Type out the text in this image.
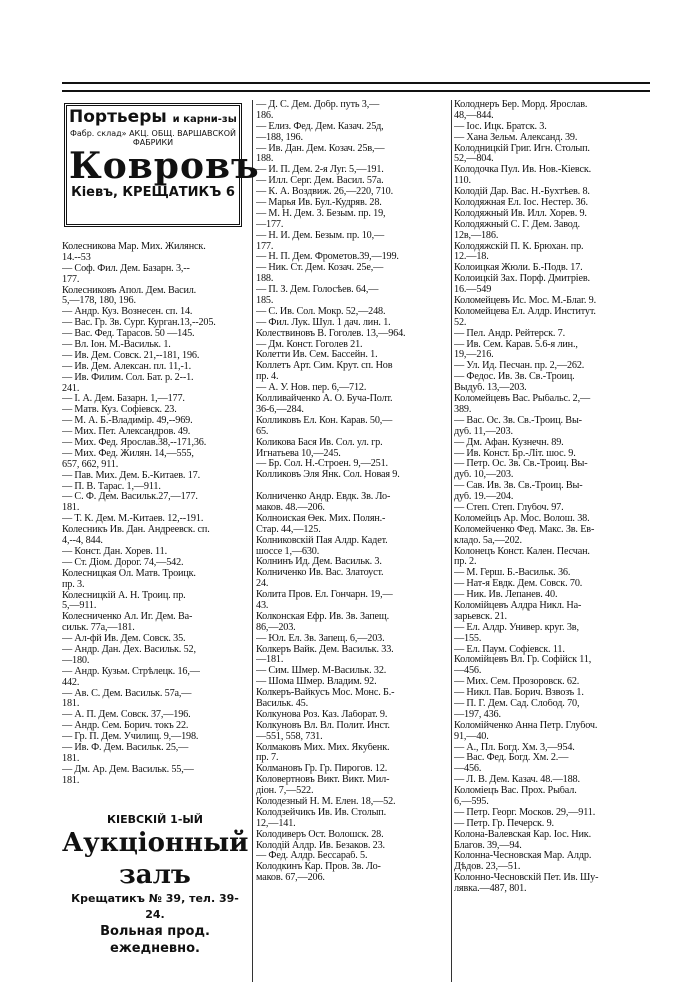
Портьеры и карни-зы
Фабр. склад» АКЦ. ОБЩ. ВАРШАВСКОЙ ФАБРИКИ
Ковровъ
Кіевъ, КРЕЩАТИКЪ 6
Колесникова Мар. Мих. Жилянск.
14.--53
— Соф. Фил. Дем. Базарн. 3,--
177.
Колесниковъ Апол. Дем. Васил.
5,—178, 180, 196.
— Андр. Куз. Вознесен. сп. 14.
— Вас. Гр. Зв. Сург. Курган.13,--205.
— Вас. Фед. Тарасов. 50 —145.
— Вл. Іон. М.-Васильк. 1.
— Ив. Дем. Совск. 21,--181, 196.
— Ив. Дем. Алексан. пл. 11,-1.
— Ив. Филим. Сол. Бат. р. 2--1.
241.
— І. А. Дем. Базарн. 1,—177.
— Матв. Куз. Софіевск. 23.
— М. А. Б.-Владимір. 49,--969.
— Мих. Пет. Александров. 49.
— Мих. Фед. Ярослав.38,--171,36.
— Мих. Фед. Жилян. 14,—555,
657, 662, 911.
— Пав. Мих. Дем. Б.-Китаев. 17.
— П. В. Тарас. 1,—911.
— С. Ф. Дем. Васильк.27,—177.
181.
— Т. К. Дем. М.-Китаев. 12,--191.
Колесникъ Ив. Дан. Андреевск. сп.
4,--4, 844.
— Конст. Дан. Хорев. 11.
— Ст. Діом. Дорог. 74,—542.
Колесницкая Ол. Матв. Троицк.
пр. 3.
Колесницкій А. Н. Троиц. пр.
5,—911.
Колесниченко Ал. Иг. Дем. Ва-
сильк. 77а,—181.
— Ал-фй Ив. Дем. Совск. 35.
— Андр. Дан. Дех. Васильк. 52,
—180.
— Андр. Кузьм. Стрѣлецк. 16,—
442.
— Ав. С. Дем. Васильк. 57а,—
181.
— А. П. Дем. Совск. 37,—196.
— Андр. Сем. Борич. токъ 22.
— Гр. П. Дем. Училищ. 9,—198.
— Ив. Ф. Дем. Васильк. 25,—
181.
— Дм. Ар. Дем. Васильк. 55,—
181.
— Д. С. Дем. Добр. путь 3,—
186.
— Елиз. Фед. Дем. Казач. 25д,
—188, 196.
— Ив. Дан. Дем. Козач. 25в,—
188.
— И. П. Дем. 2-я Луг. 5,—191.
— Илл. Серг. Дем. Васил. 57а.
— К. А. Воздвиж. 26,—220, 710.
— Марья Ив. Бул.-Кудряв. 28.
— М. Н. Дем. 3. Безым. пр. 19,
—177.
— Н. И. Дем. Безым. пр. 10,—
177.
— Н. П. Дем. Фрометов.39,—199.
— Ник. Ст. Дем. Козач. 25е,—
188.
— П. З. Дем. Голосѣев. 64,—
185.
— С. Ив. Сол. Мокр. 52,—248.
— Фил. Лук. Шул. 1 дач. лин. 1.
Колествиновъ В. Гоголев. 13,—964.
— Дм. Конст. Гоголев 21.
Колетти Ив. Сем. Бассейн. 1.
Коллетъ Арт. Сим. Крут. сп. Нов
пр. 4.
— А. У. Нов. пер. 6,—712.
Колливайченко А. О. Буча-Полт.
36-6,—284.
Колликовъ Ел. Кон. Карав. 50,—
65.
Коликова Бася Ив. Сол. ул. гр.
Игнатьева 10,—245.
— Бр. Сол. Н.-Строен. 9,—251.
Колликовъ Эля Янк. Сол. Новая 9.
Колниченко Андр. Евдк. Зв. Ло-
маков. 48.—206.
Колноиская Өек. Мих. Полян.-
Стар. 44,—125.
Колниковскій Пая Алдр. Кадет.
шоссе 1,—630.
Колнинъ Ид. Дем. Васильк. 3.
Колниченко Ив. Вас. Златоуст.
24.
Колита Пров. Ел. Гончарн. 19,—
43.
Колконская Ефр. Ив. Зв. Запещ.
86,—203.
— Юл. Ел. Зв. Запещ. 6,—203.
Колкеръ Вайк. Дем. Васильк. 33.
—181.
— Сим. Шмер. М-Васильк. 32.
— Шома Шмер. Владим. 92.
Колкеръ-Вайкусъ Мос. Монс. Б.-
Васильк. 45.
Колкунова Роз. Каз. Лаборат. 9.
Колкуновъ Вл. Вл. Полит. Инст.
—551, 558, 731.
Колмаковъ Мих. Мих. Якубенк.
пр. 7.
Колмановъ Гр. Гр. Пирогов. 12.
Коловертновъ Викт. Викт. Мил-
діон. 7,—522.
Колодезный Н. М. Елен. 18,—52.
Колодзейчикъ Ив. Ив. Столып.
12,—141.
Колодиверъ Ост. Волошск. 28.
Колодій Алдр. Ив. Безаков. 23.
— Фед. Алдр. Бессараб. 5.
Колодкинъ Кар. Пров. Зв. Ло-
маков. 67,—206.
Колоднеръ Бер. Морд. Ярослав.
48,—844.
— Іос. Ицк. Братск. 3.
— Хана Зельм. Александ. 39.
Колодницкій Григ. Игн. Столып.
52,—804.
Колодочка Пул. Ив. Нов.-Кіевск.
110.
Колодій Дар. Вас. Н.-Бухтѣев. 8.
Колодяжная Ел. Іос. Нестер. 36.
Колодяжный Ив. Илл. Хорев. 9.
Колодяжный С. Г. Дем. Завод.
12в,—186.
Колодяжскій П. К. Брюхан. пр.
12.—18.
Колоицкая Жюли. Б.-Подв. 17.
Колоицкій Зах. Порф. Дмитріев.
16.—549
Коломейцевъ Ис. Мос. М.-Благ. 9.
Коломейцева Ел. Алдр. Институт.
52.
— Пел. Андр. Рейтерск. 7.
— Ив. Сем. Карав. 5.6-я лин.,
19,—216.
— Ул. Ид. Песчан. пр. 2,—262.
— Федос. Ив. Зв. Св.-Троиц.
Выдуб. 13,—203.
Коломейцевъ Вас. Рыбальс. 2,—
389.
— Вас. Ос. Зв. Св.-Троиц. Вы-
дуб. 11,—203.
— Дм. Афан. Кузнечн. 89.
— Ив. Конст. Бр.-Літ. шос. 9.
— Петр. Ос. Зв. Св.-Троиц. Вы-
дуб. 10,—203.
— Сав. Ив. Зв. Св.-Троиц. Вы-
дуб. 19.—204.
— Степ. Степ. Глубоч. 97.
Коломейцъ Ар. Мос. Волош. 38.
Коломейченко Фед. Макс. Зв. Ев-
кладо. 5а,—202.
Колонецъ Конст. Кален. Песчан.
пр. 2.
— М. Герш. Б.-Васильк. 36.
— Нат-я Евдк. Дем. Совск. 70.
— Ник. Ив. Лепанев. 40.
Коломійцевъ Алдра Никл. На-
зарьевск. 21.
— Ел. Алдр. Универ. круг. 3в,
—155.
— Ел. Паум. Софіевск. 11.
Коломійцевъ Вл. Гр. Софійск 11,
—456.
— Мих. Сем. Прозоровск. 62.
— Никл. Пав. Борич. Взвозъ 1.
— П. Г. Дем. Сад. Слобод. 70,
—197, 436.
Коломійченко Анна Петр. Глубоч.
91,—40.
— А., Пл. Богд. Хм. 3,—954.
— Вас. Фед. Богд. Хм. 2.—
—456.
— Л. В. Дем. Казач. 48.—188.
Коломіецъ Вас. Прох. Рыбал.
6,—595.
— Петр. Георг. Москов. 29,—911.
— Петр. Гр. Печерск. 9.
Колона-Валевская Кар. Іос. Ник.
Благов. 39,—94.
Колонна-Чесновская Мар. Алдр.
Дѣдов. 23,—51.
Колонно-Чесновскій Пет. Ив. Шу-
лявка.—487, 801.
КІЕВСКІЙ 1-ЫЙ
Аукціонный залъ
Крещатикъ № 39, тел. 39-24.
Вольная прод. ежедневно.
